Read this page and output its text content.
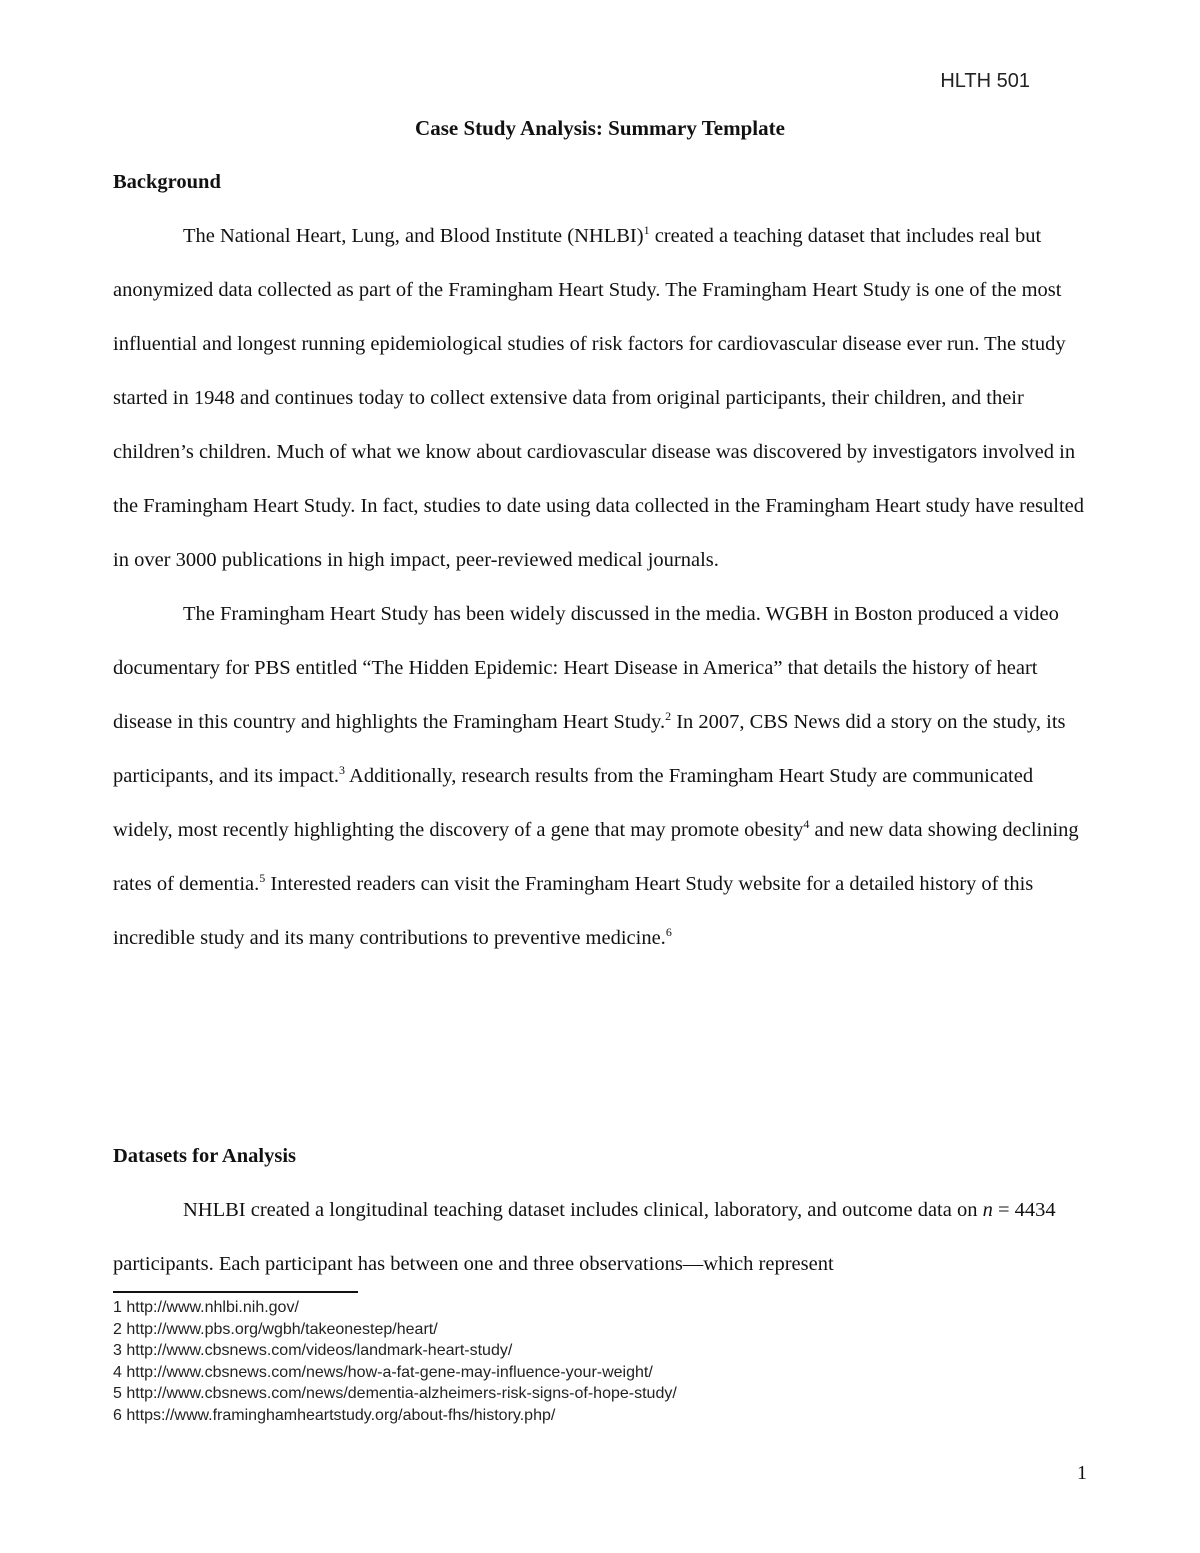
HLTH 501
Case Study Analysis: Summary Template
Background

The National Heart, Lung, and Blood Institute (NHLBI)$^1$ created a teaching dataset that includes real but anonymized data collected as part of the Framingham Heart Study. The Framingham Heart Study is one of the most influential and longest running epidemiological studies of risk factors for cardiovascular disease ever run. The study started in 1948 and continues today to collect extensive data from original participants, their children, and their children’s children. Much of what we know about cardiovascular disease was discovered by investigators involved in the Framingham Heart Study. In fact, studies to date using data collected in the Framingham Heart study have resulted in over 3000 publications in high impact, peer-reviewed medical journals.

The Framingham Heart Study has been widely discussed in the media. WGBH in Boston produced a video documentary for PBS entitled “The Hidden Epidemic: Heart Disease in America” that details the history of heart disease in this country and highlights the Framingham Heart Study.$^2$ In 2007, CBS News did a story on the study, its participants, and its impact.$^3$ Additionally, research results from the Framingham Heart Study are communicated widely, most recently highlighting the discovery of a gene that may promote obesity$^4$ and new data showing declining rates of dementia.$^5$ Interested readers can visit the Framingham Heart Study website for a detailed history of this incredible study and its many contributions to preventive medicine.$^6$

Datasets for Analysis

NHLBI created a longitudinal teaching dataset includes clinical, laboratory, and outcome data on n = 4434 participants. Each participant has between one and three observations—which represent

1 http://www.nhlbi.nih.gov/
2 http://www.pbs.org/wgbh/takeonestep/heart/
3 http://www.cbsnews.com/videos/landmark-heart-study/
4 http://www.cbsnews.com/news/how-a-fat-gene-may-influence-your-weight/
5 http://www.cbsnews.com/news/dementia-alzheimers-risk-signs-of-hope-study/
6 https://www.framinghamheartstudy.org/about-fhs/history.php/
1
